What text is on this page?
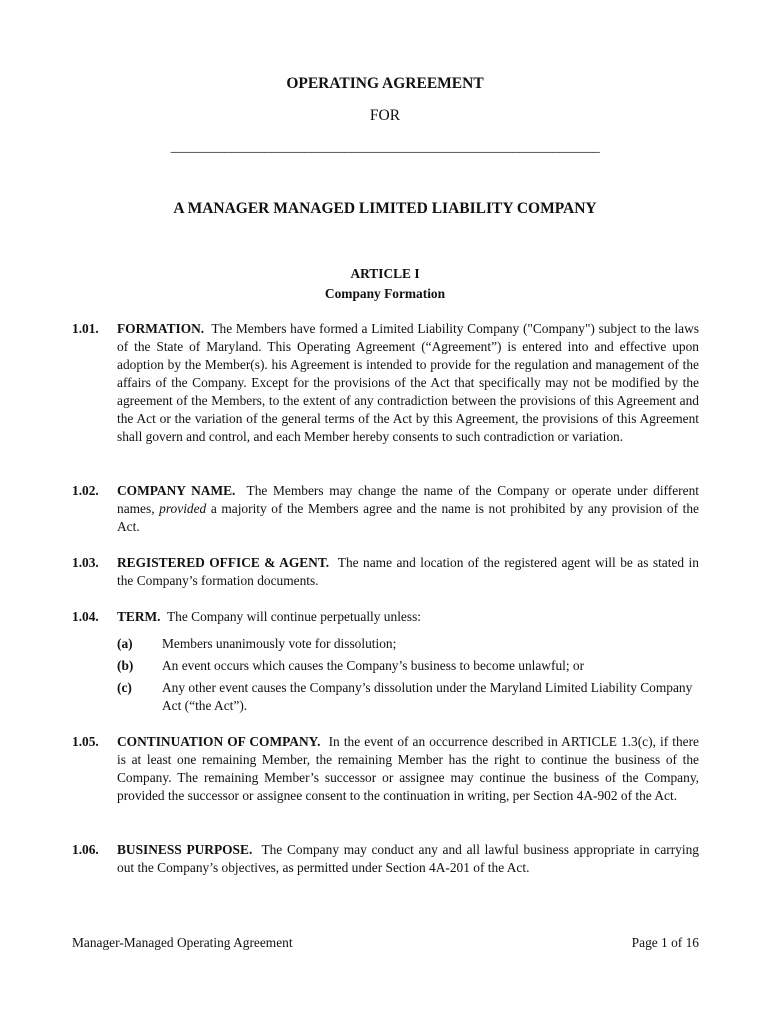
OPERATING AGREEMENT
FOR
________________________________________________________________
A MANAGER MANAGED LIMITED LIABILITY COMPANY
ARTICLE I
Company Formation
1.01. FORMATION. The Members have formed a Limited Liability Company ("Company") subject to the laws of the State of Maryland. This Operating Agreement (“Agreement”) is entered into and effective upon adoption by the Member(s). his Agreement is intended to provide for the regulation and management of the affairs of the Company. Except for the provisions of the Act that specifically may not be modified by the agreement of the Members, to the extent of any contradiction between the provisions of this Agreement and the Act or the variation of the general terms of the Act by this Agreement, the provisions of this Agreement shall govern and control, and each Member hereby consents to such contradiction or variation.
1.02. COMPANY NAME. The Members may change the name of the Company or operate under different names, provided a majority of the Members agree and the name is not prohibited by any provision of the Act.
1.03. REGISTERED OFFICE & AGENT. The name and location of the registered agent will be as stated in the Company’s formation documents.
1.04. TERM. The Company will continue perpetually unless:
(a) Members unanimously vote for dissolution;
(b) An event occurs which causes the Company’s business to become unlawful; or
(c) Any other event causes the Company’s dissolution under the Maryland Limited Liability Company Act (“the Act”).
1.05. CONTINUATION OF COMPANY. In the event of an occurrence described in ARTICLE 1.3(c), if there is at least one remaining Member, the remaining Member has the right to continue the business of the Company. The remaining Member’s successor or assignee may continue the business of the Company, provided the successor or assignee consent to the continuation in writing, per Section 4A-902 of the Act.
1.06. BUSINESS PURPOSE. The Company may conduct any and all lawful business appropriate in carrying out the Company’s objectives, as permitted under Section 4A-201 of the Act.
Manager-Managed Operating Agreement	Page 1 of 16
